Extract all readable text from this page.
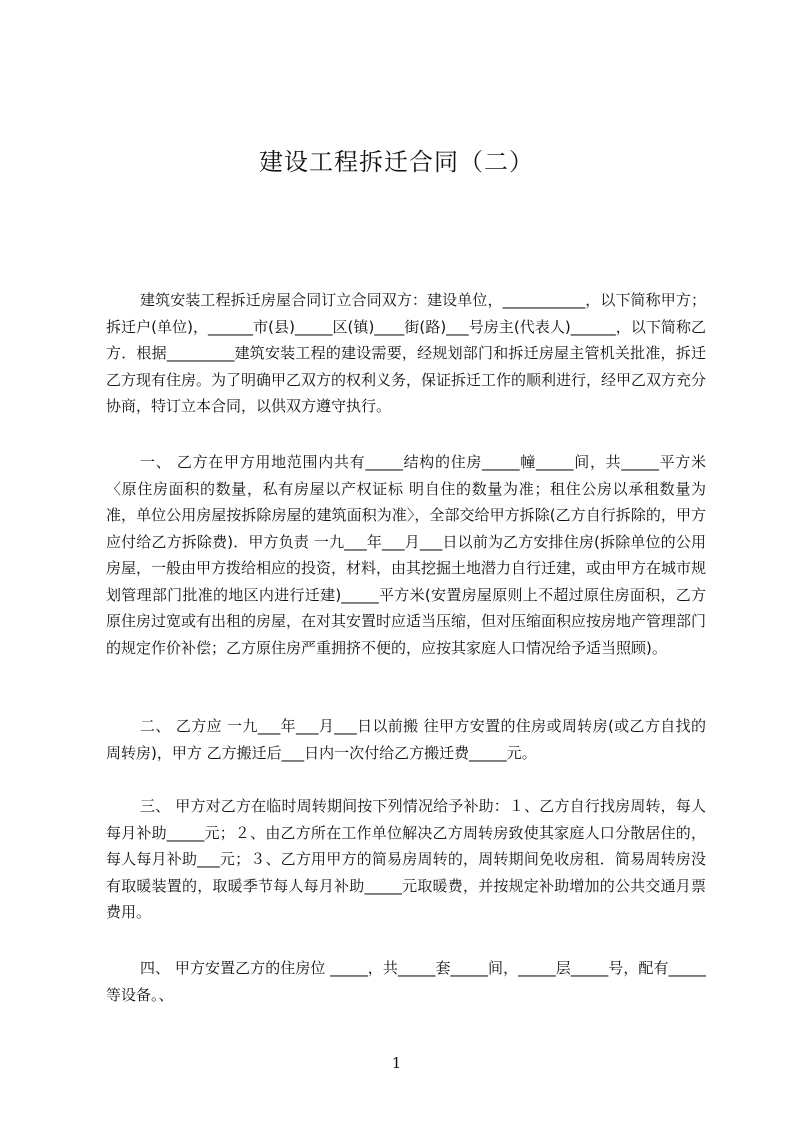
建设工程拆迁合同（二）

建筑安装工程拆迁房屋合同订立合同双方：建设单位，___________，以下简称甲方；拆迁户(单位)，______市(县)_____区(镇)____街(路)___号房主(代表人)______，以下简称乙方．根据_________建筑安装工程的建设需要，经规划部门和拆迁房屋主管机关批准，拆迁乙方现有住房。为了明确甲乙双方的权利义务，保证拆迁工作的顺利进行，经甲乙双方充分协商，特订立本合同，以供双方遵守执行。

一、 乙方在甲方用地范围内共有_____结构的住房_____幢_____间，共_____平方米〈原住房面积的数量，私有房屋以产权证标 明自住的数量为准；租住公房以承租数量为准，单位公用房屋按拆除房屋的建筑面积为准〉，全部交给甲方拆除(乙方自行拆除的，甲方应付给乙方拆除费)．甲方负责 一九___年___月___日以前为乙方安排住房(拆除单位的公用房屋，一般由甲方拨给相应的投资，材料，由其挖掘土地潜力自行迁建，或由甲方在城市规划管理部门批准的地区内进行迁建)_____平方米(安置房屋原则上不超过原住房面积，乙方原住房过宽或有出租的房屋，在对其安置时应适当压缩，但对压缩面积应按房地产管理部门的规定作价补偿；乙方原住房严重拥挤不便的，应按其家庭人口情况给予适当照顾)。

二、 乙方应 一九___年___月___日以前搬 往甲方安置的住房或周转房(或乙方自找的周转房)，甲方 乙方搬迁后___日内一次付给乙方搬迁费_____元。

三、 甲方对乙方在临时周转期间按下列情况给予补助：１、乙方自行找房周转，每人每月补助_____元；２、由乙方所在工作单位解决乙方周转房致使其家庭人口分散居住的，每人每月补助___元；３、乙方用甲方的简易房周转的，周转期间免收房租．简易周转房没有取暖装置的，取暖季节每人每月补助_____元取暖费，并按规定补助增加的公共交通月票费用。

四、 甲方安置乙方的住房位 _____，共_____套_____间，_____层_____号，配有_____等设备。、

1
